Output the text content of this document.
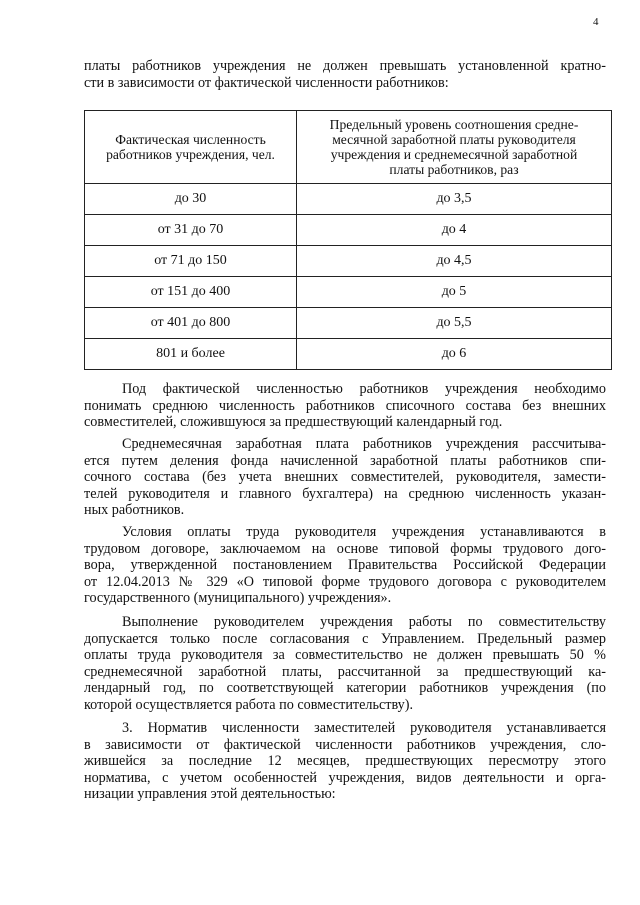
4
платы работников учреждения не должен превышать установленной кратно-
сти в зависимости от фактической численности работников:
Фактическая численность
работников учреждения, чел.	Предельный уровень соотношения средне-
месячной заработной платы руководителя
учреждения и среднемесячной заработной
платы работников, раз

до 30	до 3,5
от 31 до 70	до 4
от 71 до 150	до 4,5
от 151 до 400	до 5
от 401 до 800	до 5,5
801 и более	до 6
Под фактической численностью работников учреждения необходимо
понимать среднюю численность работников списочного состава без внешних
совместителей, сложившуюся за предшествующий календарный год.
Среднемесячная заработная плата работников учреждения рассчитыва-
ется путем деления фонда начисленной заработной платы работников спи-
сочного состава (без учета внешних совместителей, руководителя, замести-
телей руководителя и главного бухгалтера) на среднюю численность указан-
ных работников.
Условия оплаты труда руководителя учреждения устанавливаются в
трудовом договоре, заключаемом на основе типовой формы трудового дого-
вора, утвержденной постановлением Правительства Российской Федерации
от 12.04.2013 № 329 «О типовой форме трудового договора с руководителем
государственного (муниципального) учреждения».
Выполнение руководителем учреждения работы по совместительству
допускается только после согласования с Управлением. Предельный размер
оплаты труда руководителя за совместительство не должен превышать 50 %
среднемесячной заработной платы, рассчитанной за предшествующий ка-
лендарный год, по соответствующей категории работников учреждения (по
которой осуществляется работа по совместительству).
3. Норматив численности заместителей руководителя устанавливается
в зависимости от фактической численности работников учреждения, сло-
жившейся за последние 12 месяцев, предшествующих пересмотру этого
норматива, с учетом особенностей учреждения, видов деятельности и орга-
низации управления этой деятельностью:
